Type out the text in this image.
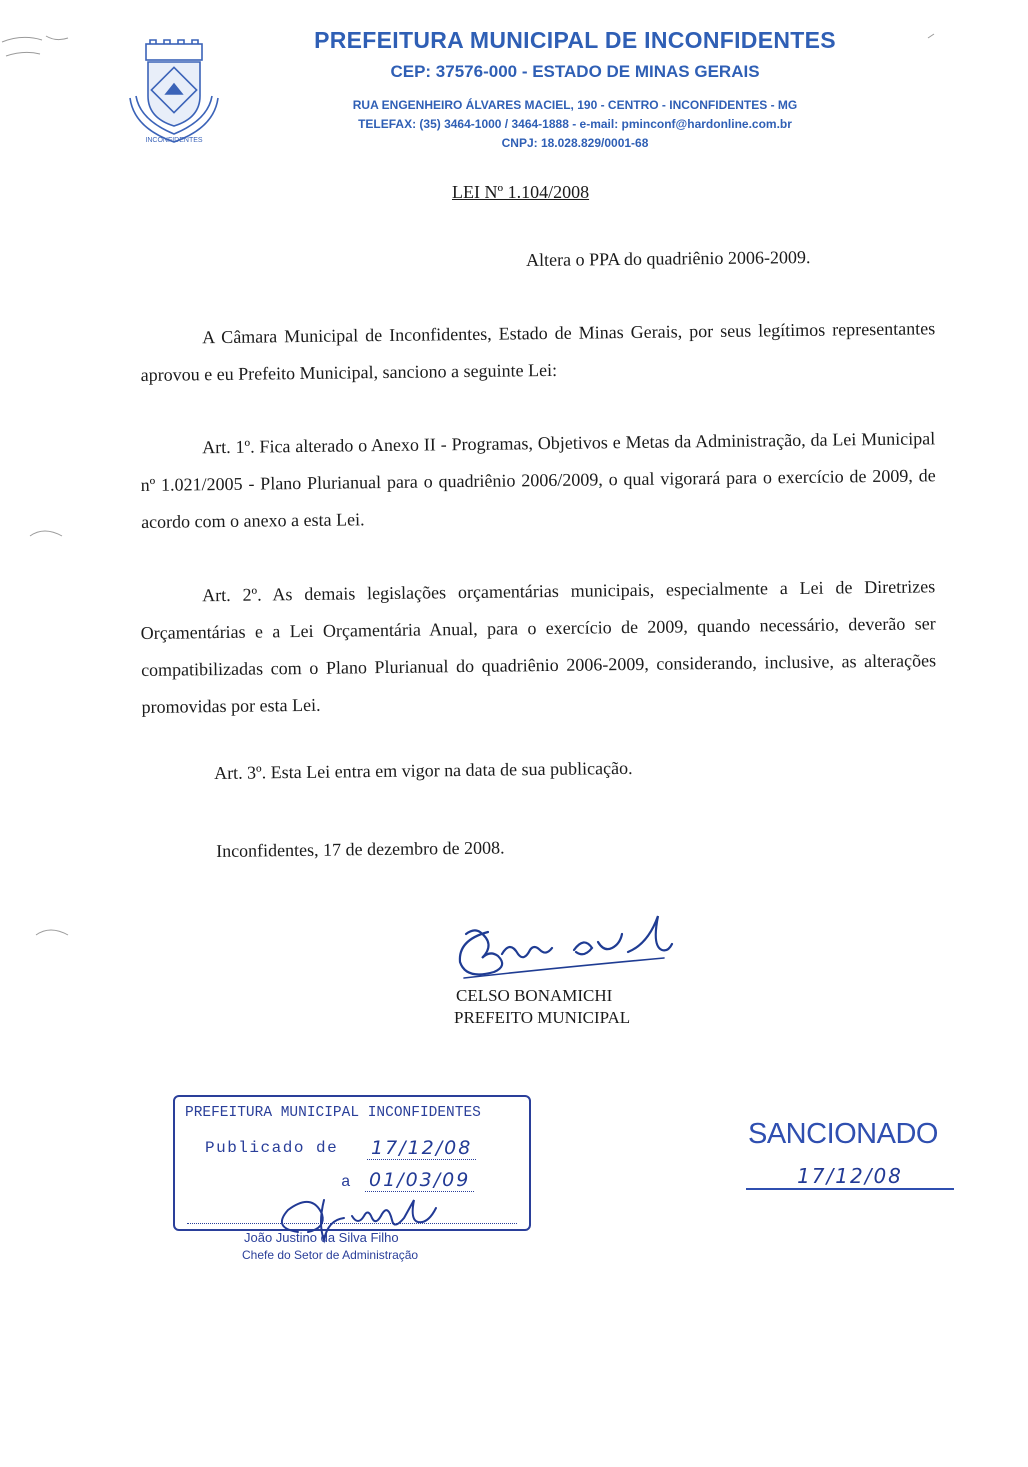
INCONFIDENTES
PREFEITURA MUNICIPAL DE INCONFIDENTES
CEP: 37576-000 - ESTADO DE MINAS GERAIS
RUA ENGENHEIRO ÁLVARES MACIEL, 190 - CENTRO - INCONFIDENTES - MG
TELEFAX: (35) 3464-1000 / 3464-1888 - e-mail: pminconf@hardonline.com.br
CNPJ: 18.028.829/0001-68
LEI Nº 1.104/2008
Altera o PPA do quadriênio 2006-2009.
A Câmara Municipal de Inconfidentes, Estado de Minas Gerais, por seus legítimos representantes aprovou e eu Prefeito Municipal, sanciono a seguinte Lei:
Art. 1º. Fica alterado o Anexo II - Programas, Objetivos e Metas da Administração, da Lei Municipal nº 1.021/2005 - Plano Plurianual para o quadriênio 2006/2009, o qual vigorará para o exercício de 2009, de acordo com o anexo a esta Lei.
Art. 2º. As demais legislações orçamentárias municipais, especialmente a Lei de Diretrizes Orçamentárias e a Lei Orçamentária Anual, para o exercício de 2009, quando necessário, deverão ser compatibilizadas com o Plano Plurianual do quadriênio 2006-2009, considerando, inclusive, as alterações promovidas por esta Lei.
Art. 3º. Esta Lei entra em vigor na data de sua publicação.
Inconfidentes, 17 de dezembro de 2008.
CELSO BONAMICHI
PREFEITO MUNICIPAL
PREFEITURA MUNICIPAL INCONFIDENTES
Publicado de 17/12/08
a 01/03/09
João Justino da Silva Filho
Chefe do Setor de Administração
SANCIONADO
17/12/08
